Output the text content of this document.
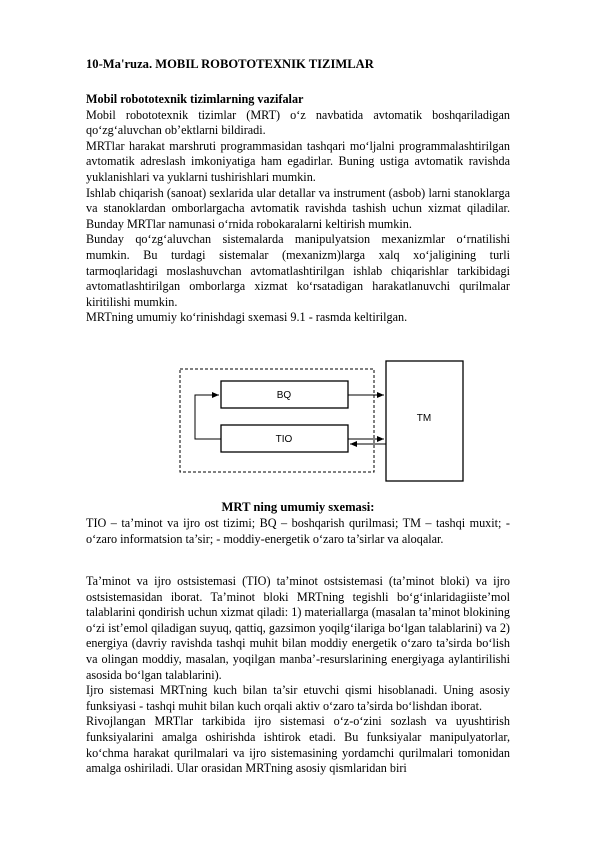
10-Ma'ruza. MOBIL ROBOTOTEXNIK TIZIMLAR

Mobil robototexnik tizimlarning vazifalar

Mobil robototexnik tizimlar (MRT) o‘z navbatida avtomatik boshqariladigan qo‘zg‘aluvchan ob’ektlarni bildiradi.

MRTlar harakat marshruti programmasidan tashqari mo‘ljalni programmalashtirilgan avtomatik adreslash imkoniyatiga ham egadirlar. Buning ustiga avtomatik ravishda yuklanishlari va yuklarni tushirishlari mumkin.

Ishlab chiqarish (sanoat) sexlarida ular detallar va instrument (asbob) larni stanoklarga va stanoklardan omborlargacha avtomatik ravishda tashish uchun xizmat qiladilar. Bunday MRTlar namunasi o‘rnida robokaralarni keltirish mumkin.

Bunday qo‘zg‘aluvchan sistemalarda manipulyatsion mexanizmlar o‘rnatilishi mumkin. Bu turdagi sistemalar (mexanizm)larga xalq xo‘jaligining turli tarmoqlaridagi moslashuvchan avtomatlashtirilgan ishlab chiqarishlar tarkibidagi avtomatlashtirilgan omborlarga xizmat ko‘rsatadigan harakatlanuvchi qurilmalar kiritilishi mumkin.

MRTning umumiy ko‘rinishdagi sxemasi 9.1 - rasmda keltirilgan.

BQ
TIO
TM
MRT ning umumiy sxemasi:
TIO – ta’minot va ijro ost tizimi; BQ – boshqarish qurilmasi; TM – tashqi muxit; - o‘zaro informatsion ta’sir; - moddiy-energetik o‘zaro ta’sirlar va aloqalar.

Ta’minot va ijro ostsistemasi (TIO) ta’minot ostsistemasi (ta’minot bloki) va ijro ostsistemasidan iborat. Ta’minot bloki MRTning tegishli bo‘g‘inlaridagiiste’mol talablarini qondirish uchun xizmat qiladi: 1) materiallarga (masalan ta’minot blokining o‘zi ist’emol qiladigan suyuq, qattiq, gazsimon yoqilg‘ilariga bo‘lgan talablarini) va 2) energiya (davriy ravishda tashqi muhit bilan moddiy energetik o‘zaro ta’sirda bo‘lish va olingan moddiy, masalan, yoqilgan manba’-resurslarining energiyaga aylantirilishi asosida bo‘lgan talablarini).

Ijro sistemasi MRTning kuch bilan ta’sir etuvchi qismi hisoblanadi. Uning asosiy funksiyasi - tashqi muhit bilan kuch orqali aktiv o‘zaro ta’sirda bo‘lishdan iborat.

Rivojlangan MRTlar tarkibida ijro sistemasi o‘z-o‘zini sozlash va uyushtirish funksiyalarini amalga oshirishda ishtirok etadi. Bu funksiyalar manipulyatorlar, ko‘chma harakat qurilmalari va ijro sistemasining yordamchi qurilmalari tomonidan amalga oshiriladi. Ular orasidan MRTning asosiy qismlaridan biri
